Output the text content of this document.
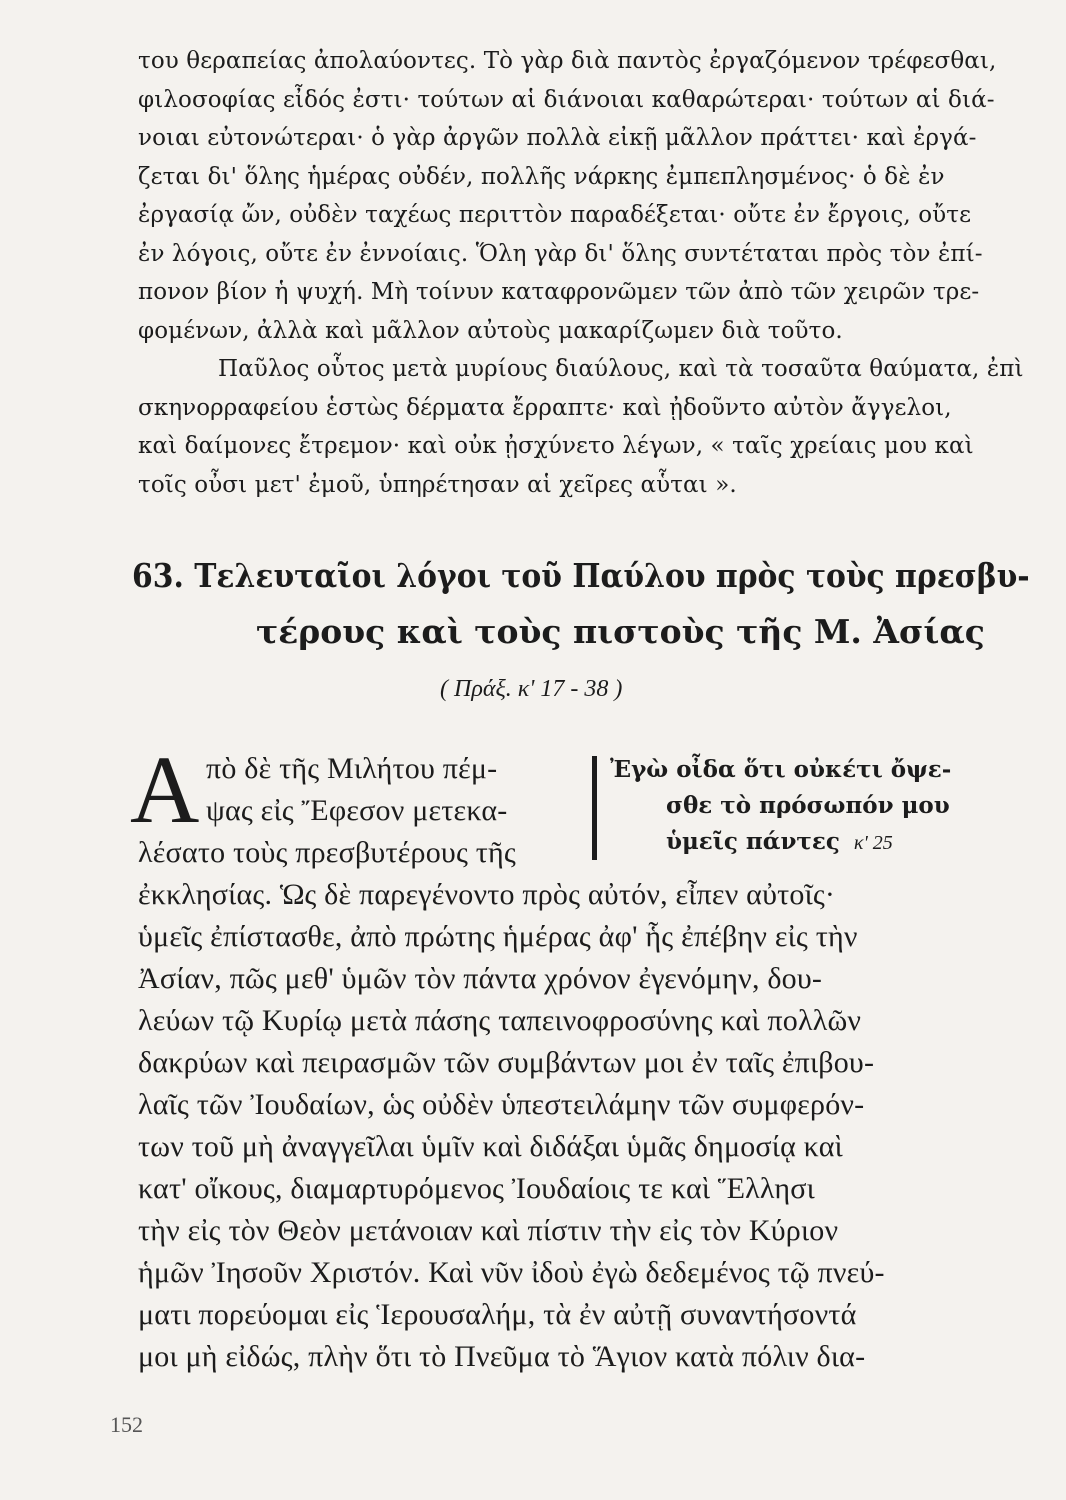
του θεραπείας ἀπολαύοντες. Τὸ γὰρ διὰ παντὸς ἐργαζόμενον τρέφεσθαι,
φιλοσοφίας εἶδός ἐστι· τούτων αἱ διάνοιαι καθαρώτεραι· τούτων αἱ διά-
νοιαι εὐτονώτεραι· ὁ γὰρ ἀργῶν πολλὰ εἰκῇ μᾶλλον πράττει· καὶ ἐργά-
ζεται δι' ὅλης ἡμέρας οὐδέν, πολλῆς νάρκης ἐμπεπλησμένος· ὁ δὲ ἐν
ἐργασίᾳ ὤν, οὐδὲν ταχέως περιττὸν παραδέξεται· οὔτε ἐν ἔργοις, οὔτε
ἐν λόγοις, οὔτε ἐν ἐννοίαις. Ὅλη γὰρ δι' ὅλης συντέταται πρὸς τὸν ἐπί-
πονον βίον ἡ ψυχή. Μὴ τοίνυν καταφρονῶμεν τῶν ἀπὸ τῶν χειρῶν τρε-
φομένων, ἀλλὰ καὶ μᾶλλον αὐτοὺς μακαρίζωμεν διὰ τοῦτο.
Παῦλος οὗτος μετὰ μυρίους διαύλους, καὶ τὰ τοσαῦτα θαύματα, ἐπὶ
σκηνορραφείου ἑστὼς δέρματα ἔρραπτε· καὶ ᾐδοῦντο αὐτὸν ἄγγελοι,
καὶ δαίμονες ἔτρεμον· καὶ οὐκ ᾐσχύνετο λέγων, « ταῖς χρείαις μου καὶ
τοῖς οὖσι μετ' ἐμοῦ, ὑπηρέτησαν αἱ χεῖρες αὗται ».
63. Τελευταῖοι λόγοι τοῦ Παύλου πρὸς τοὺς πρεσβυ-
τέρους καὶ τοὺς πιστοὺς τῆς Μ. Ἀσίας
( Πράξ. κ' 17 - 38 )
Α πὸ δὲ τῆς Μιλήτου πέμ-
ψας εἰς Ἔφεσον μετεκα-
λέσατο τοὺς πρεσβυτέρους τῆς
Ἐγὼ οἶδα ὅτι οὐκέτι ὄψε-
σθε τὸ πρόσωπόν μου
ὑμεῖς πάντες κ' 25
ἐκκλησίας. Ὡς δὲ παρεγένοντο πρὸς αὐτόν, εἶπεν αὐτοῖς·
ὑμεῖς ἐπίστασθε, ἀπὸ πρώτης ἡμέρας ἀφ' ἧς ἐπέβην εἰς τὴν
Ἀσίαν, πῶς μεθ' ὑμῶν τὸν πάντα χρόνον ἐγενόμην, δου-
λεύων τῷ Κυρίῳ μετὰ πάσης ταπεινοφροσύνης καὶ πολλῶν
δακρύων καὶ πειρασμῶν τῶν συμβάντων μοι ἐν ταῖς ἐπιβου-
λαῖς τῶν Ἰουδαίων, ὡς οὐδὲν ὑπεστειλάμην τῶν συμφερόν-
των τοῦ μὴ ἀναγγεῖλαι ὑμῖν καὶ διδάξαι ὑμᾶς δημοσίᾳ καὶ
κατ' οἴκους, διαμαρτυρόμενος Ἰουδαίοις τε καὶ Ἕλλησι
τὴν εἰς τὸν Θεὸν μετάνοιαν καὶ πίστιν τὴν εἰς τὸν Κύριον
ἡμῶν Ἰησοῦν Χριστόν. Καὶ νῦν ἰδοὺ ἐγὼ δεδεμένος τῷ πνεύ-
ματι πορεύομαι εἰς Ἱερουσαλήμ, τὰ ἐν αὐτῇ συναντήσοντά
μοι μὴ εἰδώς, πλὴν ὅτι τὸ Πνεῦμα τὸ Ἅγιον κατὰ πόλιν δια-
152
